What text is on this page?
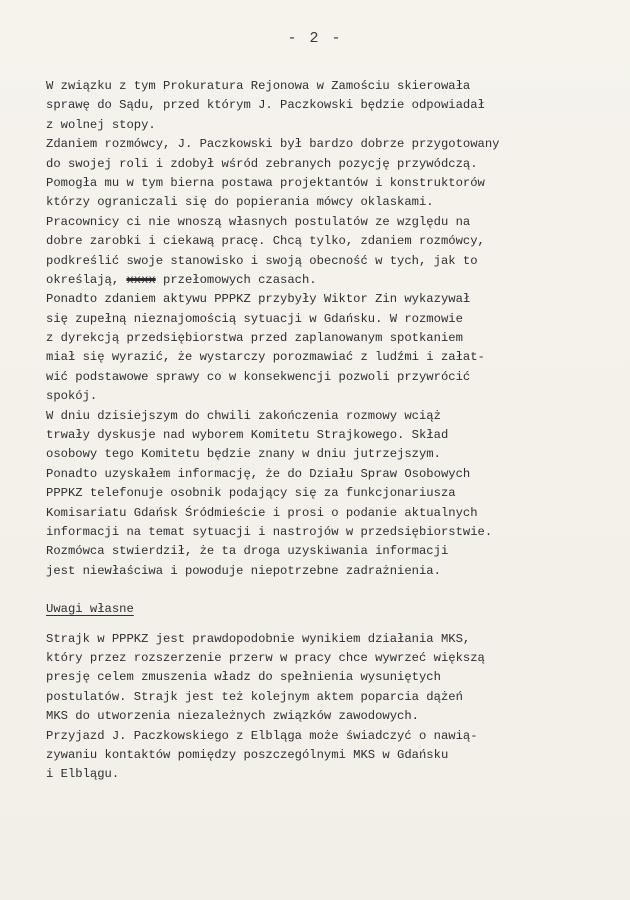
- 2 -
W związku z tym Prokuratura Rejonowa w Zamościu skierowała
sprawę do Sądu, przed którym J. Paczkowski będzie odpowiadał
z wolnej stopy.
Zdaniem rozmówcy, J. Paczkowski był bardzo dobrze przygotowany
do swojej roli i zdobył wśród zebranych pozycję przywódczą.
Pomogła mu w tym bierna postawa projektantów i konstruktorów
którzy ograniczali się do popierania mówcy oklaskami.
Pracownicy ci nie wnoszą własnych postulatów ze względu na
dobre zarobki i ciekawą pracę. Chcą tylko, zdaniem rozmówcy,
podkreślić swoje stanowisko i swoją obecność w tych, jak to
określają, xxxx przełomowych czasach.
Ponadto zdaniem aktywu PPPKZ przybyły Wiktor Zin wykazywał
się zupełną nieznajomością sytuacji w Gdańsku. W rozmowie
z dyrekcją przedsiębiorstwa przed zaplanowanym spotkaniem
miał się wyrazić, że wystarczy porozmawiać z ludźmi i załat-
wić podstawowe sprawy co w konsekwencji pozwoli przywrócić
spokój.
W dniu dzisiejszym do chwili zakończenia rozmowy wciąż
trwały dyskusje nad wyborem Komitetu Strajkowego. Skład
osobowy tego Komitetu będzie znany w dniu jutrzejszym.
Ponadto uzyskałem informację, że do Działu Spraw Osobowych
PPPKZ telefonuje osobnik podający się za funkcjonariusza
Komisariatu Gdańsk Śródmieście i prosi o podanie aktualnych
informacji na temat sytuacji i nastrojów w przedsiębiorstwie.
Rozmówca stwierdził, że ta droga uzyskiwania informacji
jest niewłaściwa i powoduje niepotrzebne zadrażnienia.
Uwagi własne
Strajk w PPPKZ jest prawdopodobnie wynikiem działania MKS,
który przez rozszerzenie przerw w pracy chce wywrzeć większą
presję celem zmuszenia władz do spełnienia wysuniętych
postulatów. Strajk jest też kolejnym aktem poparcia dążeń
MKS do utworzenia niezależnych związków zawodowych.
Przyjazd J. Paczkowskiego z Elbląga może świadczyć o nawią-
zywaniu kontaktów pomiędzy poszczególnymi MKS w Gdańsku
i Elblągu.
